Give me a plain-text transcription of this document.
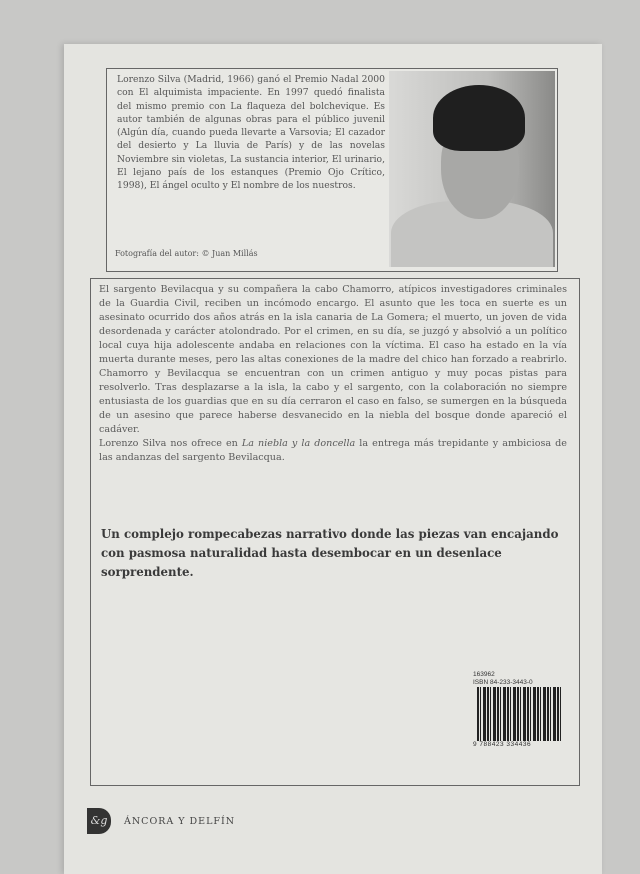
Lorenzo Silva (Madrid, 1966) ganó el Premio Nadal 2000 con El alquimista impaciente. En 1997 quedó finalista del mismo premio con La flaqueza del bolchevique. Es autor también de algunas obras para el público juvenil (Algún día, cuando pueda llevarte a Varsovia; El cazador del desierto y La lluvia de París) y de las novelas Noviembre sin violetas, La sustancia interior, El urinario, El lejano país de los estanques (Premio Ojo Crítico, 1998), El ángel oculto y El nombre de los nuestros.
Fotografía del autor: © Juan Millás
El sargento Bevilacqua y su compañera la cabo Chamorro, atípicos investigadores criminales de la Guardia Civil, reciben un incómodo encargo. El asunto que les toca en suerte es un asesinato ocurrido dos años atrás en la isla canaria de La Gomera; el muerto, un joven de vida desordenada y carácter atolondrado. Por el crimen, en su día, se juzgó y absolvió a un político local cuya hija adolescente andaba en relaciones con la víctima. El caso ha estado en la vía muerta durante meses, pero las altas conexiones de la madre del chico han forzado a reabrirlo. Chamorro y Bevilacqua se encuentran con un crimen antiguo y muy pocas pistas para resolverlo. Tras desplazarse a la isla, la cabo y el sargento, con la colaboración no siempre entusiasta de los guardias que en su día cerraron el caso en falso, se sumergen en la búsqueda de un asesino que parece haberse desvanecido en la niebla del bosque donde apareció el cadáver.
Lorenzo Silva nos ofrece en La niebla y la doncella la entrega más trepidante y ambiciosa de las andanzas del sargento Bevilacqua.
Un complejo rompecabezas narrativo donde las piezas van encajando con pasmosa naturalidad hasta desembocar en un desenlace sorprendente.
163962
ISBN 84-233-3443-0
9 788423 334436
&g	ÁNCORA Y DELFÍN
